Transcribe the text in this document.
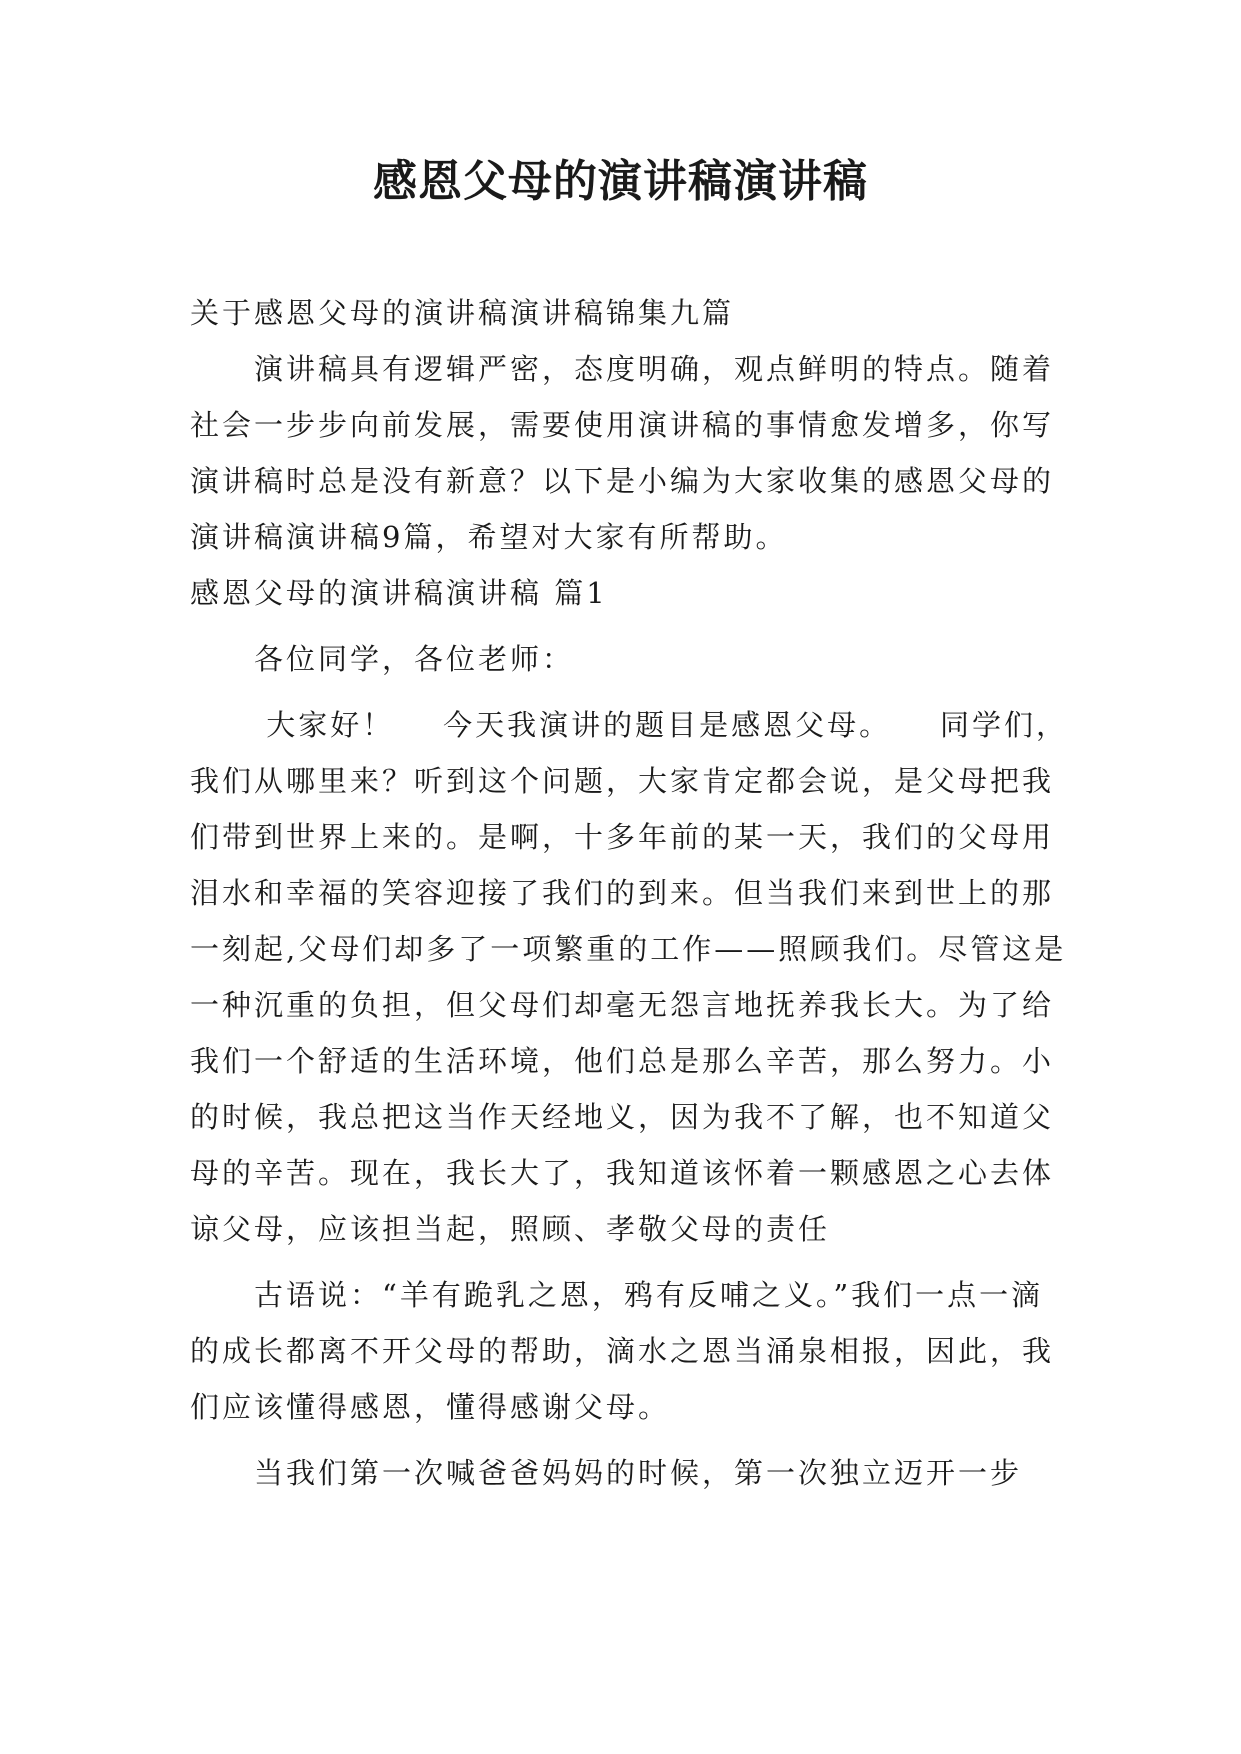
感恩父母的演讲稿演讲稿

关于感恩父母的演讲稿演讲稿锦集九篇

演讲稿具有逻辑严密，态度明确，观点鲜明的特点。随着社会一步步向前发展，需要使用演讲稿的事情愈发增多，你写演讲稿时总是没有新意？以下是小编为大家收集的感恩父母的演讲稿演讲稿9篇，希望对大家有所帮助。

感恩父母的演讲稿演讲稿 篇1

各位同学，各位老师：

大家好！    今天我演讲的题目是感恩父母。    同学们，我们从哪里来？听到这个问题，大家肯定都会说，是父母把我们带到世界上来的。是啊，十多年前的某一天，我们的父母用泪水和幸福的笑容迎接了我们的到来。但当我们来到世上的那一刻起,父母们却多了一项繁重的工作——照顾我们。尽管这是一种沉重的负担，但父母们却毫无怨言地抚养我长大。为了给我们一个舒适的生活环境，他们总是那么辛苦，那么努力。小的时候，我总把这当作天经地义，因为我不了解，也不知道父母的辛苦。现在，我长大了，我知道该怀着一颗感恩之心去体谅父母，应该担当起，照顾、孝敬父母的责任

古语说：“羊有跪乳之恩，鸦有反哺之义。”我们一点一滴的成长都离不开父母的帮助，滴水之恩当涌泉相报，因此，我们应该懂得感恩，懂得感谢父母。

当我们第一次喊爸爸妈妈的时候，第一次独立迈开一步
